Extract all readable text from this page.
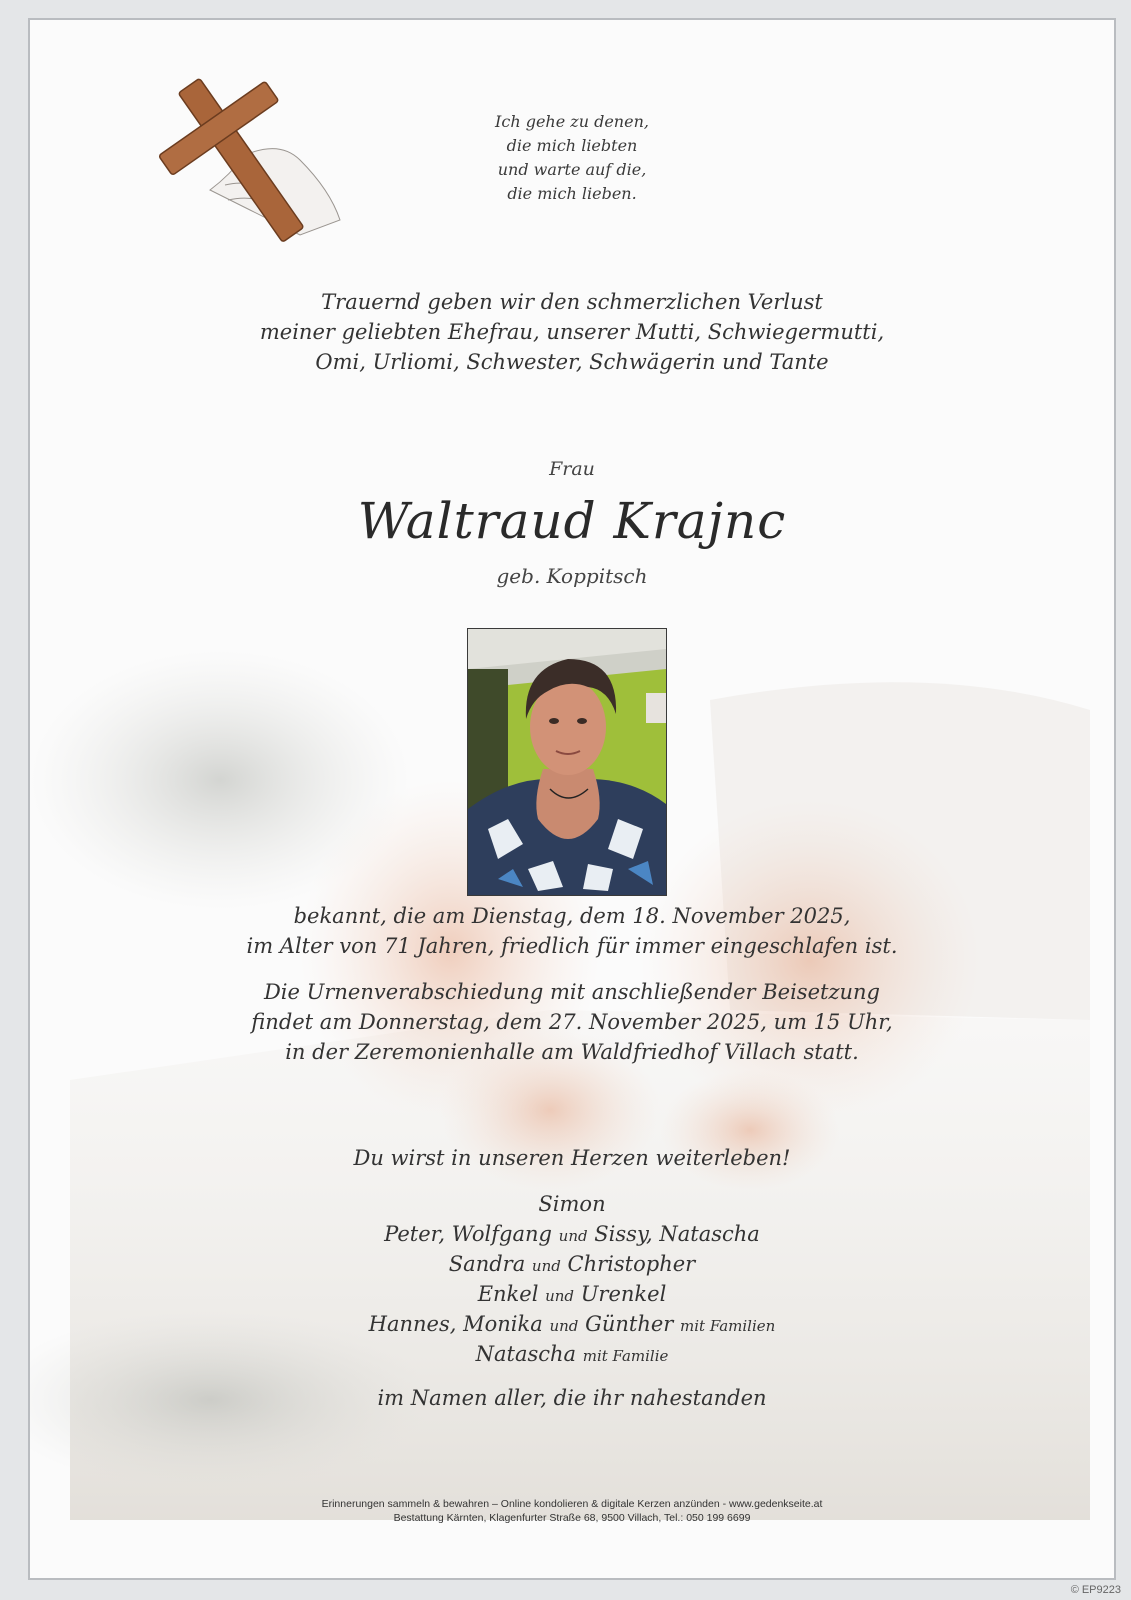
Ich gehe zu denen,
die mich liebten
und warte auf die,
die mich lieben.
Trauernd geben wir den schmerzlichen Verlust
meiner geliebten Ehefrau, unserer Mutti, Schwiegermutti,
Omi, Urliomi, Schwester, Schwägerin und Tante
Frau
Waltraud Krajnc
geb. Koppitsch
bekannt, die am Dienstag, dem 18. November 2025,
im Alter von 71 Jahren, friedlich für immer eingeschlafen ist.
Die Urnenverabschiedung mit anschließender Beisetzung
findet am Donnerstag, dem 27. November 2025, um 15 Uhr,
in der Zeremonienhalle am Waldfriedhof Villach statt.
Du wirst in unseren Herzen weiterleben!
Simon
Peter, Wolfgang und Sissy, Natascha
Sandra und Christopher
Enkel und Urenkel
Hannes, Monika und Günther mit Familien
Natascha mit Familie
im Namen aller, die ihr nahestanden
Erinnerungen sammeln & bewahren – Online kondolieren & digitale Kerzen anzünden - www.gedenkseite.at
Bestattung Kärnten, Klagenfurter Straße 68, 9500 Villach, Tel.: 050 199 6699
© EP9223
